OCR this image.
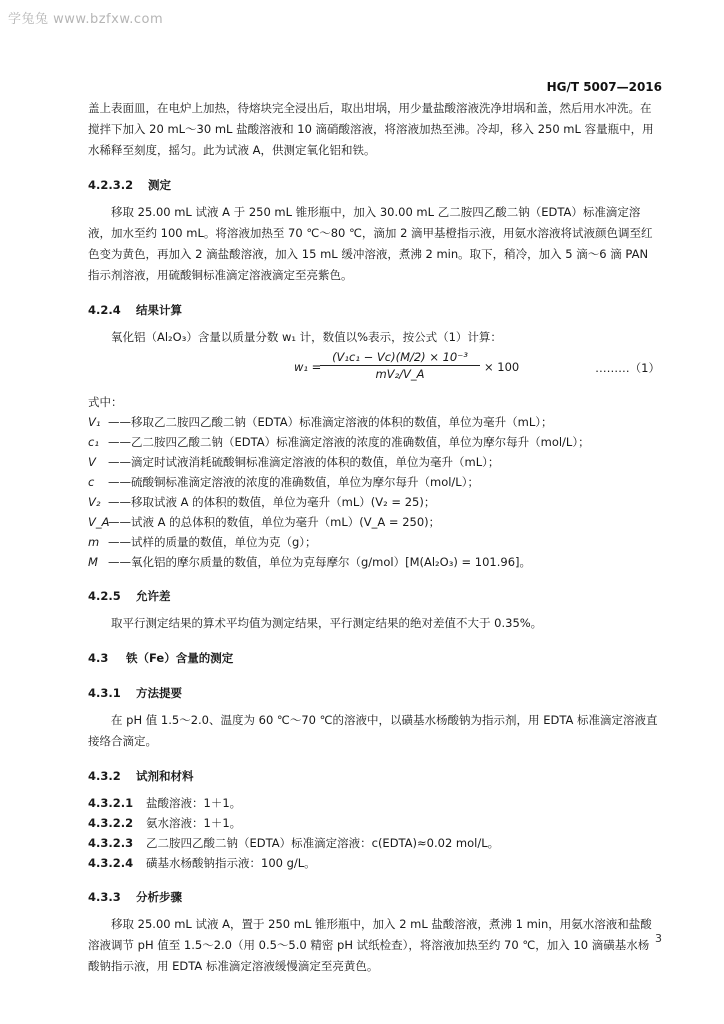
学兔兔 www.bzfxw.com
HG/T 5007—2016

盖上表面皿，在电炉上加热，待熔块完全浸出后，取出坩埚，用少量盐酸溶液洗净坩埚和盖，然后用水冲洗。在搅拌下加入 20 mL～30 mL 盐酸溶液和 10 滴硝酸溶液，将溶液加热至沸。冷却，移入 250 mL 容量瓶中，用水稀释至刻度，摇匀。此为试液 A，供测定氧化铝和铁。

4.2.3.2 测定

移取 25.00 mL 试液 A 于 250 mL 锥形瓶中，加入 30.00 mL 乙二胺四乙酸二钠（EDTA）标准滴定溶液，加水至约 100 mL。将溶液加热至 70 ℃～80 ℃，滴加 2 滴甲基橙指示液，用氨水溶液将试液颜色调至红色变为黄色，再加入 2 滴盐酸溶液，加入 15 mL 缓冲溶液，煮沸 2 min。取下，稍冷，加入 5 滴～6 滴 PAN 指示剂溶液，用硫酸铜标准滴定溶液滴定至亮紫色。

4.2.4 结果计算

氧化铝（Al₂O₃）含量以质量分数 w₁ 计，数值以%表示，按公式（1）计算：

w₁ =
$\frac{\text{(V₁c₁ − Vc)(M/2) × 10⁻³}}{\text{mV₂/V\_A}} \times 100$	………（1）

式中：

V₁ ——移取乙二胺四乙酸二钠（EDTA）标准滴定溶液的体积的数值，单位为毫升（mL）；

c₁ ——乙二胺四乙酸二钠（EDTA）标准滴定溶液的浓度的准确数值，单位为摩尔每升（mol/L）；

V ——滴定时试液消耗硫酸铜标准滴定溶液的体积的数值，单位为毫升（mL）；

c ——硫酸铜标准滴定溶液的浓度的准确数值，单位为摩尔每升（mol/L）；

V₂ ——移取试液 A 的体积的数值，单位为毫升（mL）(V₂ = 25)；

V_A——试液 A 的总体积的数值，单位为毫升（mL）(V_A = 250)；

m ——试样的质量的数值，单位为克（g）；

M ——氧化铝的摩尔质量的数值，单位为克每摩尔（g/mol）[M(Al₂O₃) = 101.96]。

4.2.5 允许差

取平行测定结果的算术平均值为测定结果，平行测定结果的绝对差值不大于 0.35%。

4.3 铁（Fe）含量的测定
4.3.1 方法提要

在 pH 值 1.5～2.0、温度为 60 ℃～70 ℃的溶液中，以磺基水杨酸钠为指示剂，用 EDTA 标准滴定溶液直接络合滴定。

4.3.2 试剂和材料

4.3.2.1 盐酸溶液：1＋1。

4.3.2.2 氨水溶液：1＋1。

4.3.2.3 乙二胺四乙酸二钠（EDTA）标准滴定溶液：c(EDTA)≈0.02 mol/L。

4.3.2.4 磺基水杨酸钠指示液：100 g/L。

4.3.3 分析步骤

移取 25.00 mL 试液 A，置于 250 mL 锥形瓶中，加入 2 mL 盐酸溶液，煮沸 1 min，用氨水溶液和盐酸溶液调节 pH 值至 1.5～2.0（用 0.5～5.0 精密 pH 试纸检查），将溶液加热至约 70 ℃，加入 10 滴磺基水杨酸钠指示液，用 EDTA 标准滴定溶液缓慢滴定至亮黄色。

3
